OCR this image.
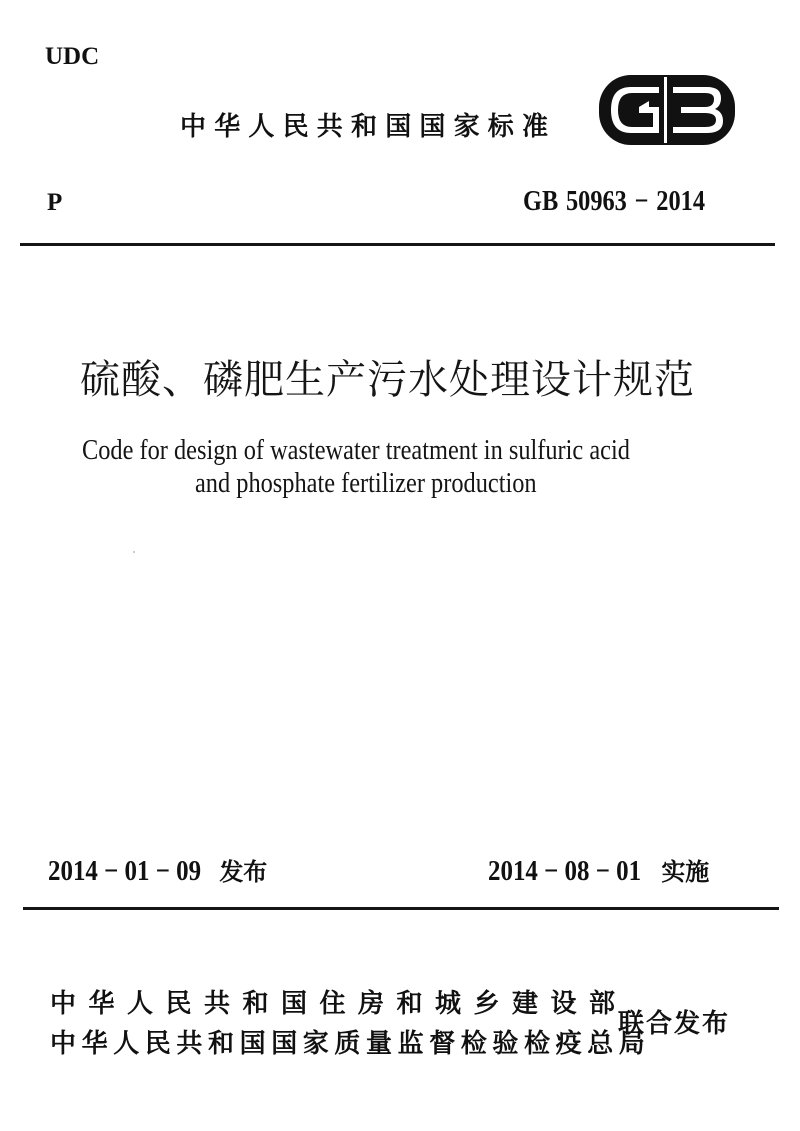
UDC
中华人民共和国国家标准
P	GB 50963 − 2014
硫酸、磷肥生产污水处理设计规范
Code for design of wastewater treatment in sulfuric acid
and phosphate fertilizer production
2014 − 01 − 09 发布	2014 − 08 − 01 实施
中华人民共和国住房和城乡建设部
中华人民共和国国家质量监督检验检疫总局
联合发布
